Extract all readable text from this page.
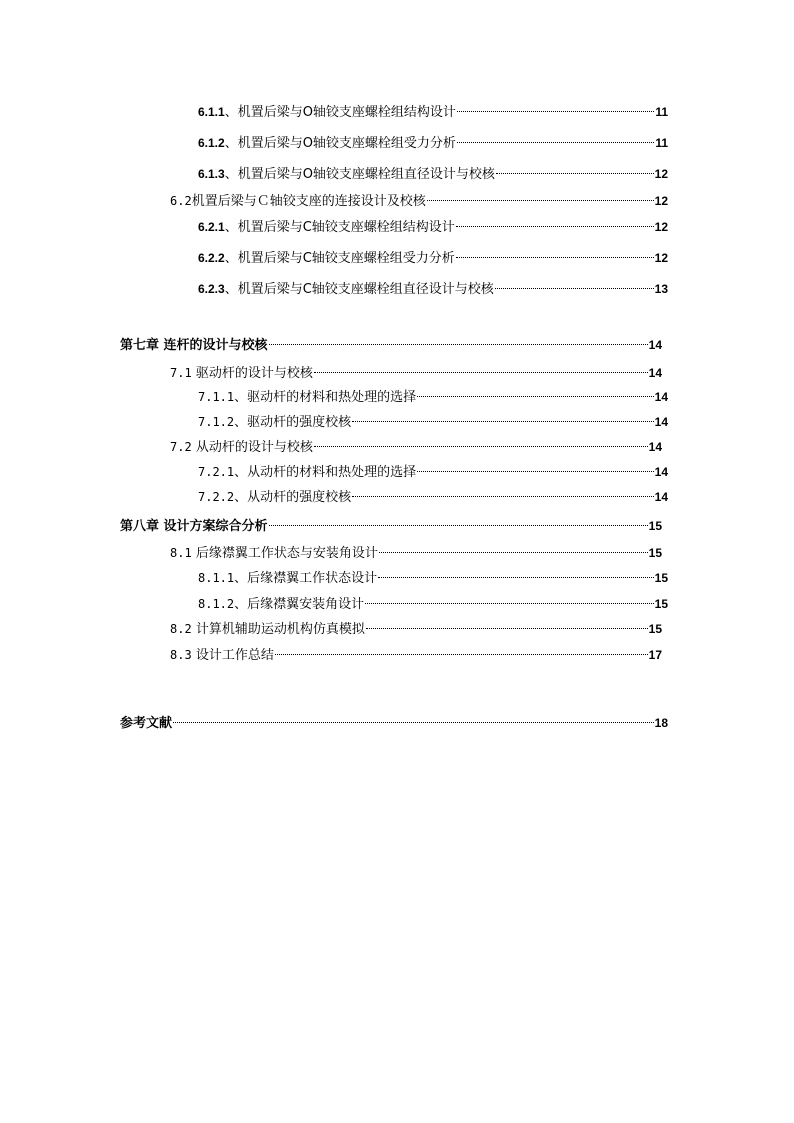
6.1.1、机置后梁与O轴铰支座螺栓组结构设计	11
6.1.2、机置后梁与O轴铰支座螺栓组受力分析	11
6.1.3、机置后梁与O轴铰支座螺栓组直径设计与校核	12
6.2机置后梁与Ｃ轴铰支座的连接设计及校核	12
6.2.1、机置后梁与C轴铰支座螺栓组结构设计	12
6.2.2、机置后梁与C轴铰支座螺栓组受力分析	12
6.2.3、机置后梁与C轴铰支座螺栓组直径设计与校核	13
第七章 连杆的设计与校核	14
7.1 驱动杆的设计与校核	14
7.1.1、驱动杆的材料和热处理的选择	14
7.1.2、驱动杆的强度校核	14
7.2 从动杆的设计与校核	14
7.2.1、从动杆的材料和热处理的选择	14
7.2.2、从动杆的强度校核	14
第八章 设计方案综合分析	15
8.1 后缘襟翼工作状态与安装角设计	15
8.1.1、后缘襟翼工作状态设计	15
8.1.2、后缘襟翼安装角设计	15
8.2 计算机辅助运动机构仿真模拟	15
8.3 设计工作总结	17
参考文献	18
